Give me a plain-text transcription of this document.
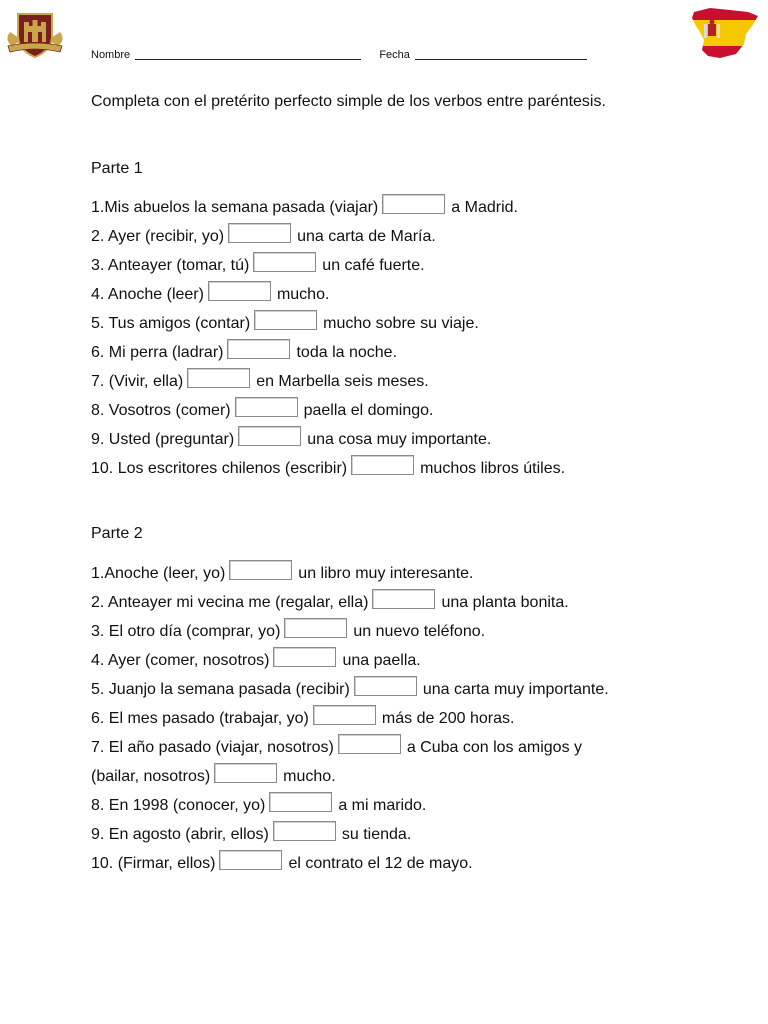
Nombre	Fecha
Completa con el pretérito perfecto simple de los verbos entre paréntesis.
Parte 1
1.Mis abuelos la semana pasada (viajar)	a Madrid.
2. Ayer (recibir, yo)	una carta de María.
3. Anteayer (tomar, tú)	un café fuerte.
4. Anoche (leer)	mucho.
5. Tus amigos (contar)	mucho sobre su viaje.
6. Mi perra (ladrar)	toda la noche.
7. (Vivir, ella)	en Marbella seis meses.
8. Vosotros (comer)	paella el domingo.
9. Usted (preguntar)	una cosa muy importante.
10. Los escritores chilenos (escribir)	muchos libros útiles.
Parte 2
1.Anoche (leer, yo)	un libro muy interesante.
2. Anteayer mi vecina me (regalar, ella)	una planta bonita.
3. El otro día (comprar, yo)	un nuevo teléfono.
4. Ayer (comer, nosotros)	una paella.
5. Juanjo la semana pasada (recibir)	una carta muy importante.
6. El mes pasado (trabajar, yo)	más de 200 horas.
7. El año pasado (viajar, nosotros)	a Cuba con los amigos y
(bailar, nosotros)	mucho.
8. En 1998 (conocer, yo)	a mi marido.
9. En agosto (abrir, ellos)	su tienda.
10. (Firmar, ellos)	el contrato el 12 de mayo.
